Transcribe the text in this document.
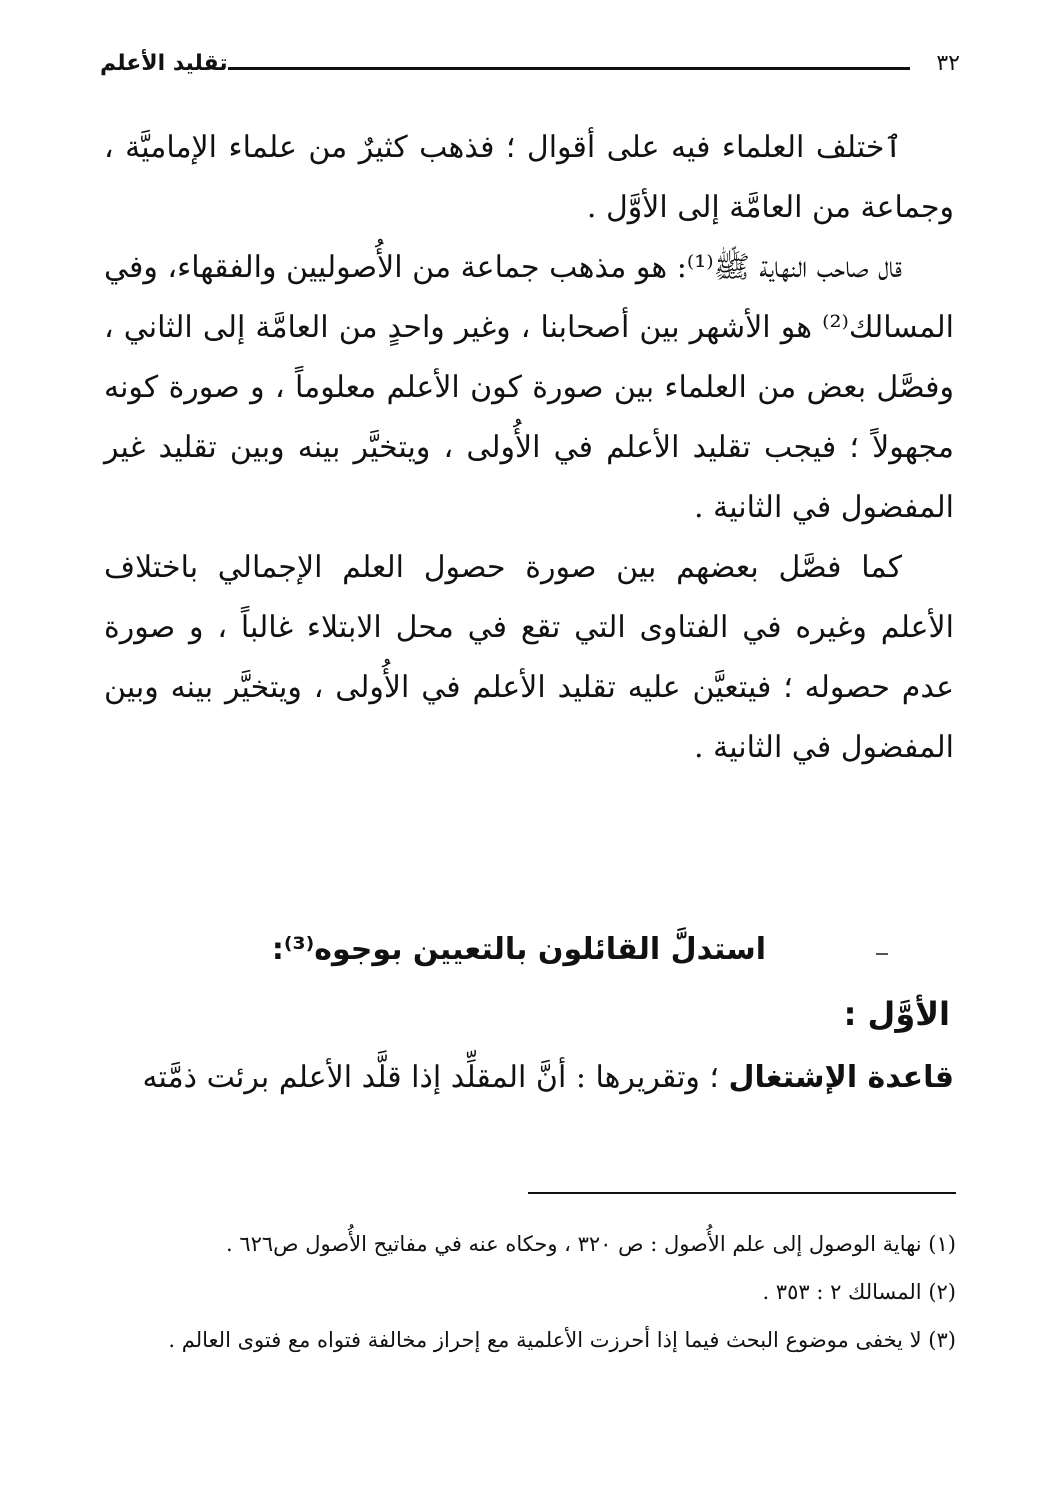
تقليد الأعلم	٣٢

ٱختلف العلماء فيه على أقوال ؛ فذهب كثيرٌ من علماء الإماميَّة ، وجماعة من العامَّة إلى الأوَّل .

قال صاحب النهاية ﷺ⁽¹⁾: هو مذهب جماعة من الأُصوليين والفقهاء، وفي المسالك⁽²⁾ هو الأشهر بين أصحابنا ، وغير واحدٍ من العامَّة إلى الثاني ، وفصَّل بعض من العلماء بين صورة كون الأعلم معلوماً ، و صورة كونه مجهولاً ؛ فيجب تقليد الأعلم في الأُولى ، ويتخيَّر بينه وبين تقليد غير المفضول في الثانية .

كما فصَّل بعضهم بين صورة حصول العلم الإجمالي باختلاف الأعلم وغيره في الفتاوى التي تقع في محل الابتلاء غالباً ، و صورة عدم حصوله ؛ فيتعيَّن عليه تقليد الأعلم في الأُولى ، ويتخيَّر بينه وبين المفضول في الثانية .

استدلَّ القائلون بالتعيين بوجوه⁽³⁾:
الأوَّل :
قاعدة الإشتغال ؛ وتقريرها : أنَّ المقلِّد إذا قلَّد الأعلم برئت ذمَّته

(١) نهاية الوصول إلى علم الأُصول : ص ٣٢٠ ، وحكاه عنه في مفاتيح الأُصول ص٦٢٦ .

(٢) المسالك ٢ : ٣٥٣ .

(٣) لا يخفى موضوع البحث فيما إذا أحرزت الأعلمية مع إحراز مخالفة فتواه مع فتوى العالم .
